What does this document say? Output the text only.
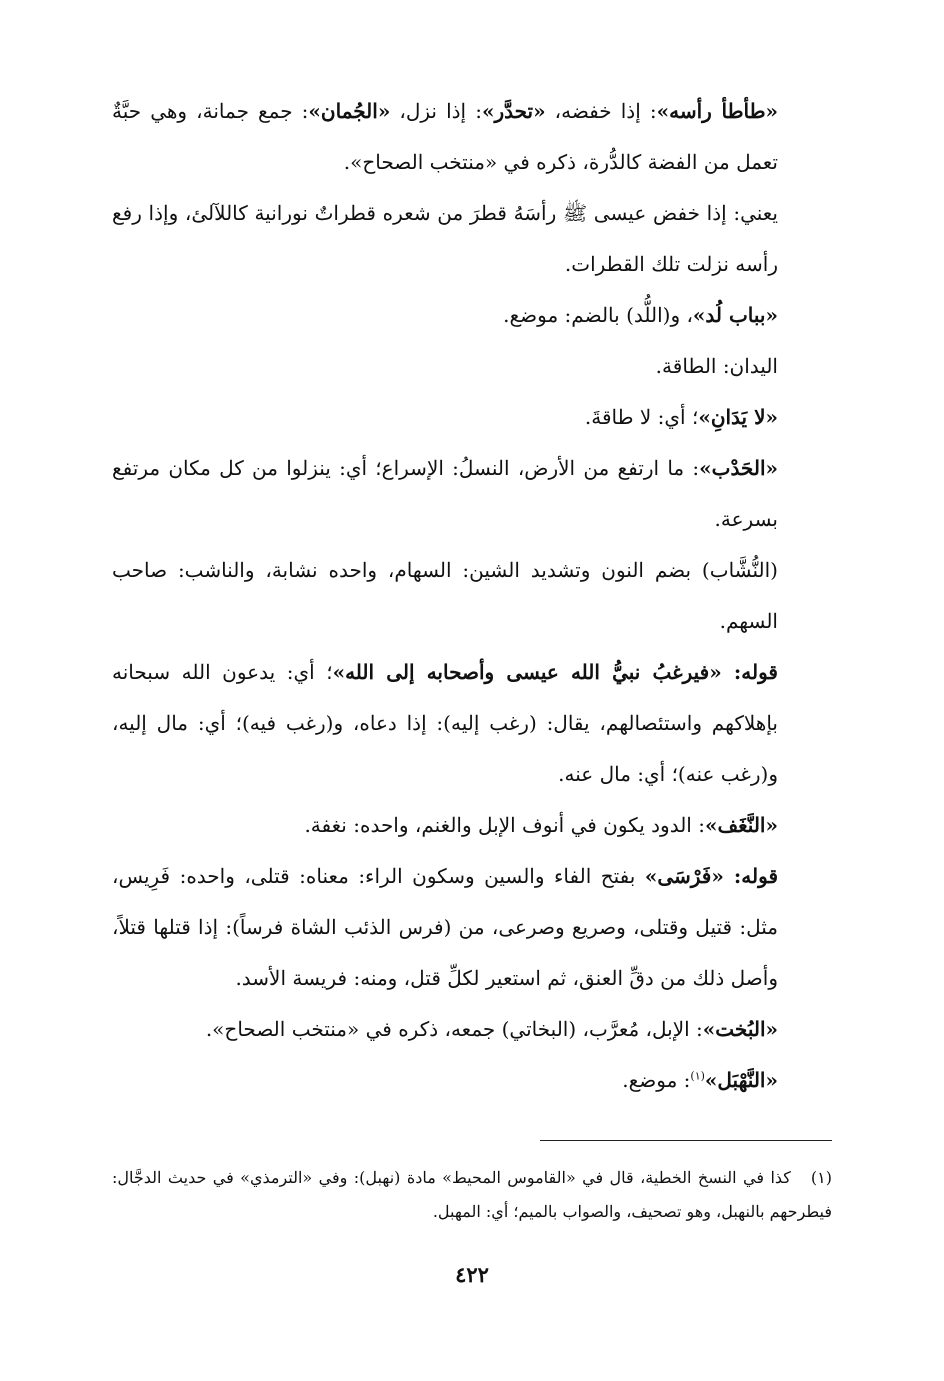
«طأطأ رأسه»: إذا خفضه، «تحدَّر»: إذا نزل، «الجُمان»: جمع جمانة، وهي حبَّةٌ تعمل من الفضة كالدُّرة، ذكره في «منتخب الصحاح».

يعني: إذا خفض عيسى ﷺ رأسَهُ قطرَ من شعره قطراتٌ نورانية كاللآلئ، وإذا رفع رأسه نزلت تلك القطرات.

«بباب لُد»، و(اللُّد) بالضم: موضع.

اليدان: الطاقة.

«لا يَدَانِ»؛ أي: لا طاقةَ.

«الحَدْب»: ما ارتفع من الأرض، النسلُ: الإسراع؛ أي: ينزلوا من كل مكان مرتفع بسرعة.

(النُّشَّاب) بضم النون وتشديد الشين: السهام، واحده نشابة، والناشب: صاحب السهم.

قوله: «فيرغبُ نبيُّ الله عيسى وأصحابه إلى الله»؛ أي: يدعون الله سبحانه بإهلاكهم واستئصالهم، يقال: (رغب إليه): إذا دعاه، و(رغب فيه)؛ أي: مال إليه، و(رغب عنه)؛ أي: مال عنه.

«النَّغَف»: الدود يكون في أنوف الإبل والغنم، واحده: نغفة.

قوله: «فَرْسَى» بفتح الفاء والسين وسكون الراء: معناه: قتلى، واحده: فَرِيس، مثل: قتيل وقتلى، وصريع وصرعى، من (فرس الذئب الشاة فرساً): إذا قتلها قتلاً، وأصل ذلك من دقِّ العنق، ثم استعير لكلِّ قتل، ومنه: فريسة الأسد.

«البُخت»: الإبل، مُعرَّب، (البخاتي) جمعه، ذكره في «منتخب الصحاح».

«النَّهْبَل»$^{(١)}$: موضع.

(١)كذا في النسخ الخطية، قال في «القاموس المحيط» مادة (نهبل): وفي «الترمذي» في حديث الدجَّال: فيطرحهم بالنهبل، وهو تصحيف، والصواب بالميم؛ أي: المهبل.
٤٢٢
